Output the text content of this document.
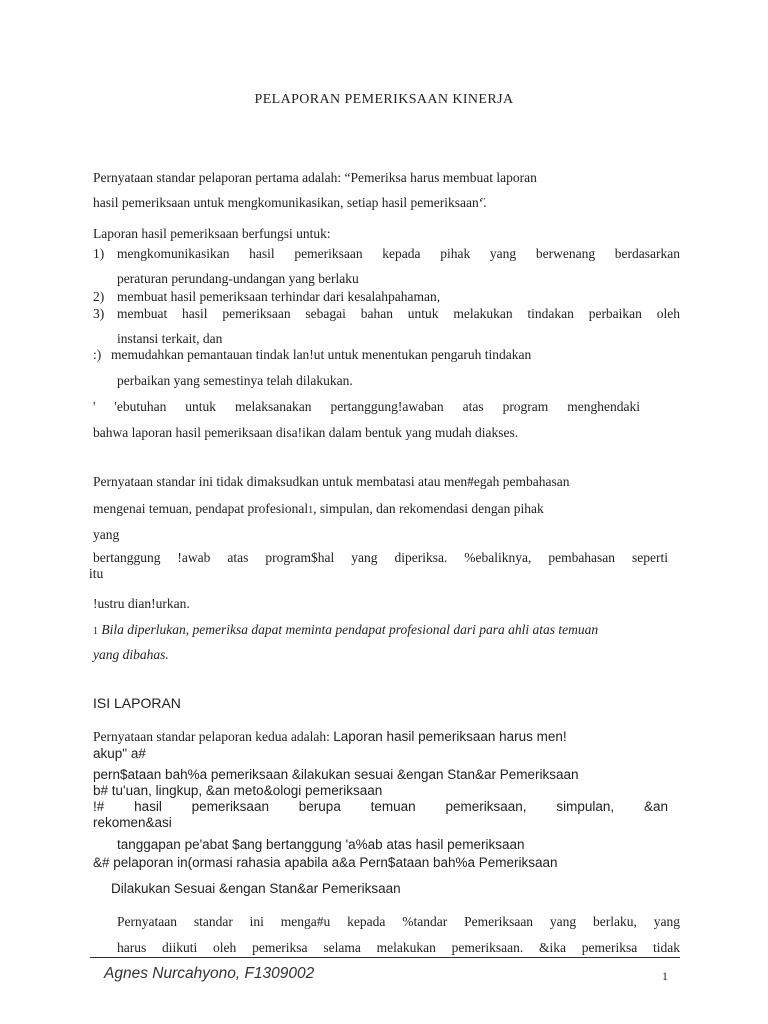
PELAPORAN PEMERIKSAAN KINERJA
Pernyataan standar pelaporan pertama adalah: “Pemeriksa harus membuat laporan
hasil pemeriksaan untuk mengkomunikasikan, setiap hasil pemeriksaan‘̈.
Laporan hasil pemeriksaan berfungsi untuk:
1) mengkomunikasikan hasil pemeriksaan kepada pihak yang berwenang berdasarkan
peraturan perundang-undangan yang berlaku
2) membuat hasil pemeriksaan terhindar dari kesalahpahaman,
3) membuat hasil pemeriksaan sebagai bahan untuk melakukan tindakan perbaikan oleh
instansi terkait, dan
:) memudahkan pemantauan tindak lan!ut untuk menentukan pengaruh tindakan
perbaikan yang semestinya telah dilakukan.
' 'ebutuhan untuk melaksanakan pertanggung!awaban atas program menghendaki
bahwa laporan hasil pemeriksaan disa!ikan dalam bentuk yang mudah diakses.
Pernyataan standar ini tidak dimaksudkan untuk membatasi atau men#egah pembahasan
mengenai temuan, pendapat profesional1, simpulan, dan rekomendasi dengan pihak
yang
bertanggung !awab atas program$hal yang diperiksa. %ebaliknya, pembahasan seperti
itu
!ustru dian!urkan.
1 Bila diperlukan, pemeriksa dapat meminta pendapat profesional dari para ahli atas temuan
yang dibahas.
ISI LAPORAN
Pernyataan standar pelaporan kedua adalah: Laporan hasil pemeriksaan harus men!
akup" a#
pern$ataan bah%a pemeriksaan &ilakukan sesuai &engan Stan&ar Pemeriksaan
b# tu'uan, lingkup, &an meto&ologi pemeriksaan
!# hasil pemeriksaan berupa temuan pemeriksaan, simpulan, &an
rekomen&asi
tanggapan pe'abat $ang bertanggung 'a%ab atas hasil pemeriksaan
&# pelaporan in(ormasi rahasia apabila a&a Pern$ataan bah%a Pemeriksaan
Dilakukan Sesuai &engan Stan&ar Pemeriksaan
Pernyataan standar ini menga#u kepada %tandar Pemeriksaan yang berlaku, yang
harus diikuti oleh pemeriksa selama melakukan pemeriksaan. &ika pemeriksa tidak
Agnes Nurcahyono, F1309002	1
